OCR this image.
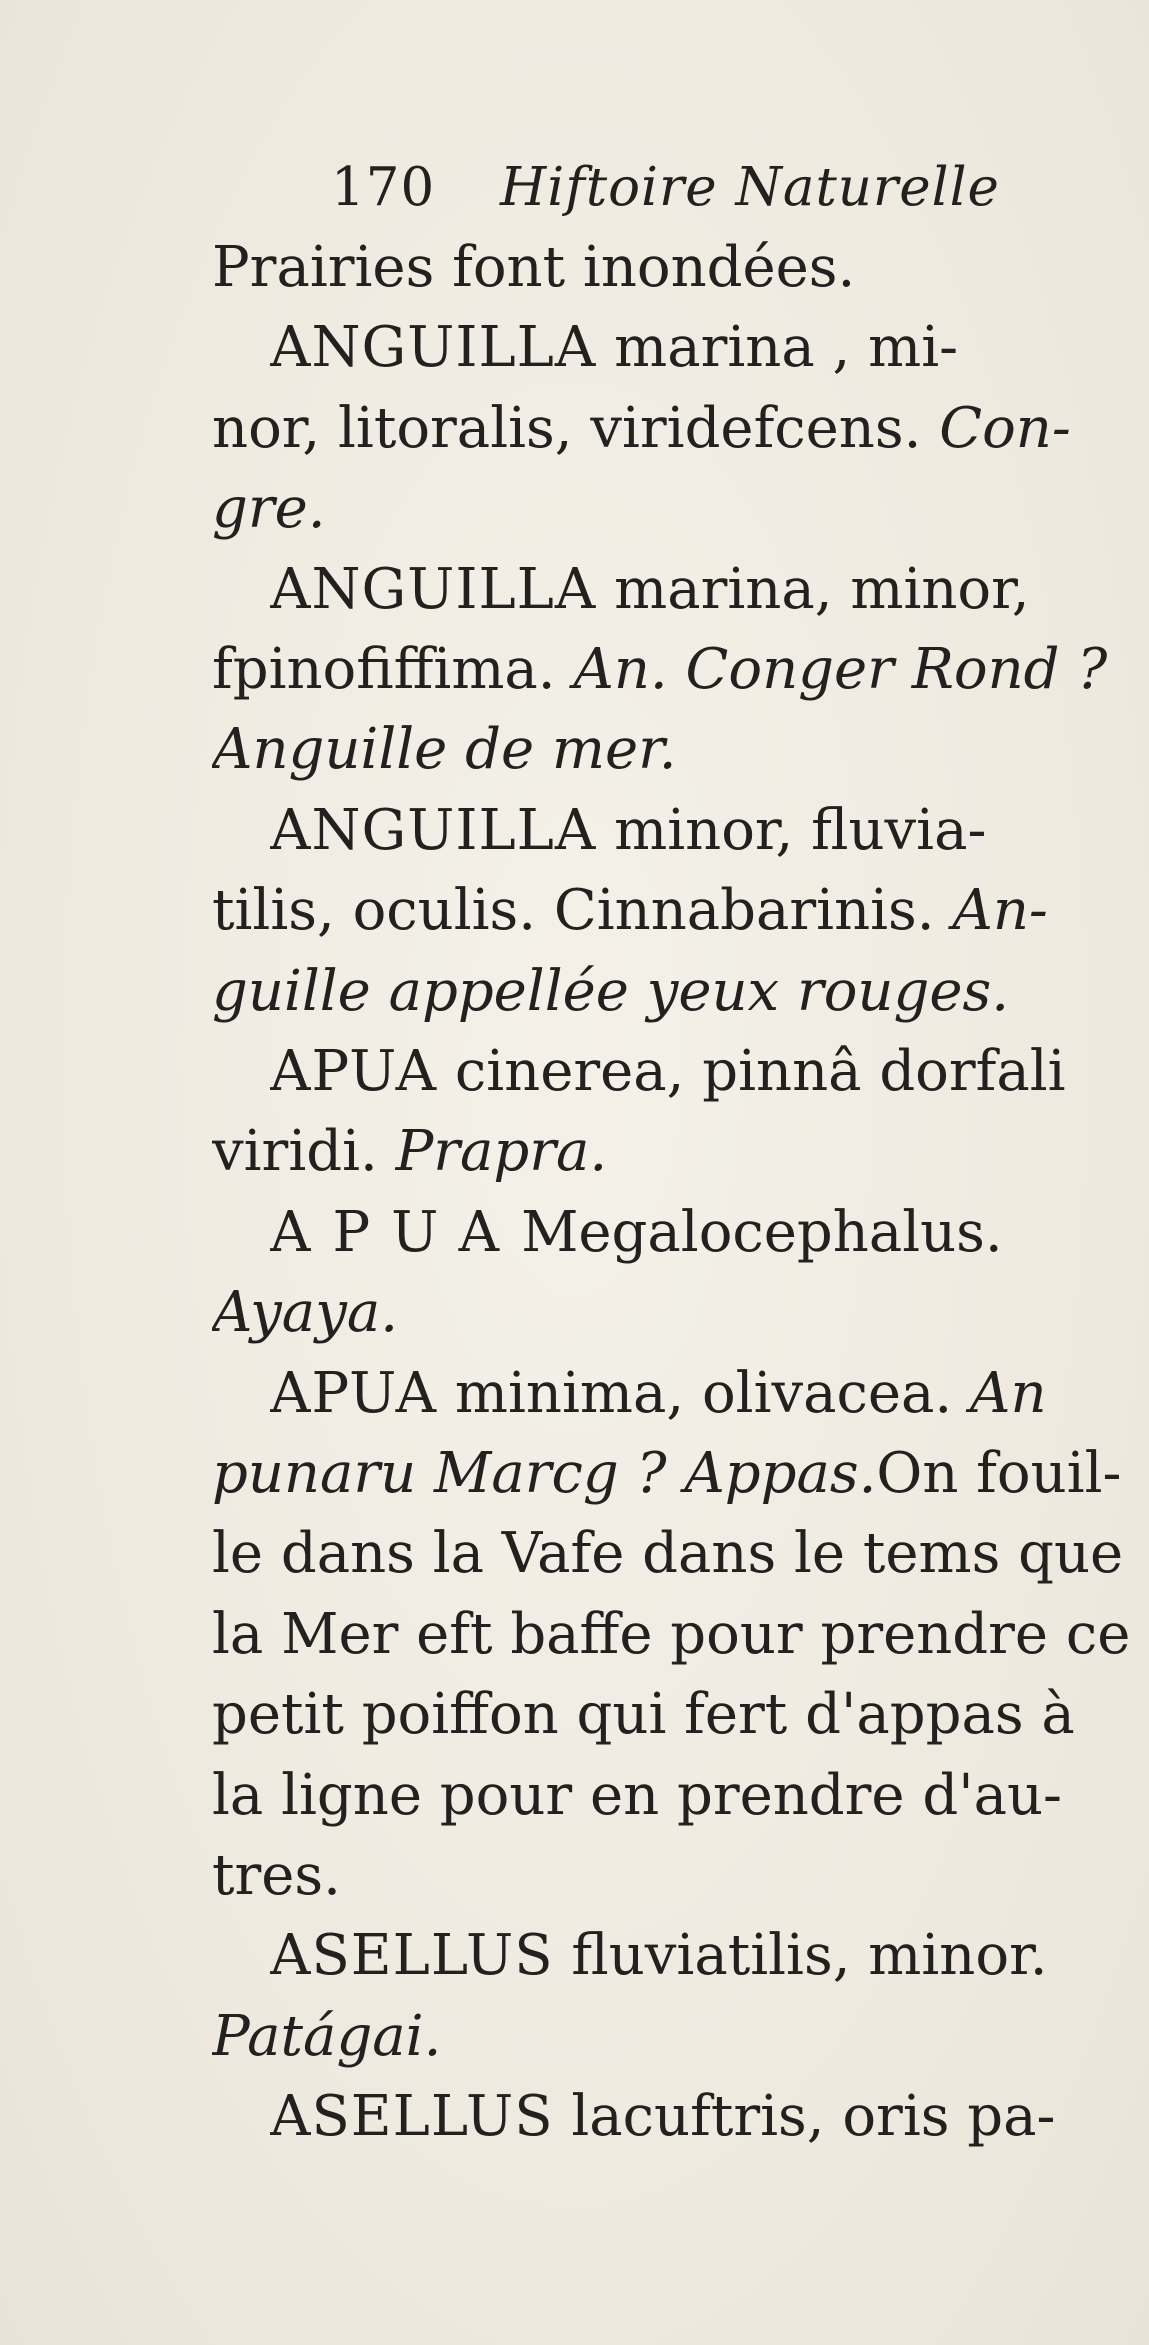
170 Hiftoire Naturelle
Prairies font inondées.
ANGUILLA marina , mi-
nor, litoralis, viridefcens. Con-
gre.
ANGUILLA marina, minor,
fpinofiffima. An. Conger Rond ?
Anguille de mer.
ANGUILLA minor, fluvia-
tilis, oculis. Cinnabarinis. An-
guille appellée yeux rouges.
APUA cinerea, pinnâ dorfali
viridi. Prapra.
APUAMegalocephalus.
Ayaya.
APUA minima, olivacea. An
punaru Marcg ? Appas.On fouil-
le dans la Vafe dans le tems que
la Mer eft baffe pour prendre ce
petit poiffon qui fert d'appas à
la ligne pour en prendre d'au-
tres.
ASELLUS fluviatilis, minor.
Patágai.
ASELLUS lacuftris, oris pa-
